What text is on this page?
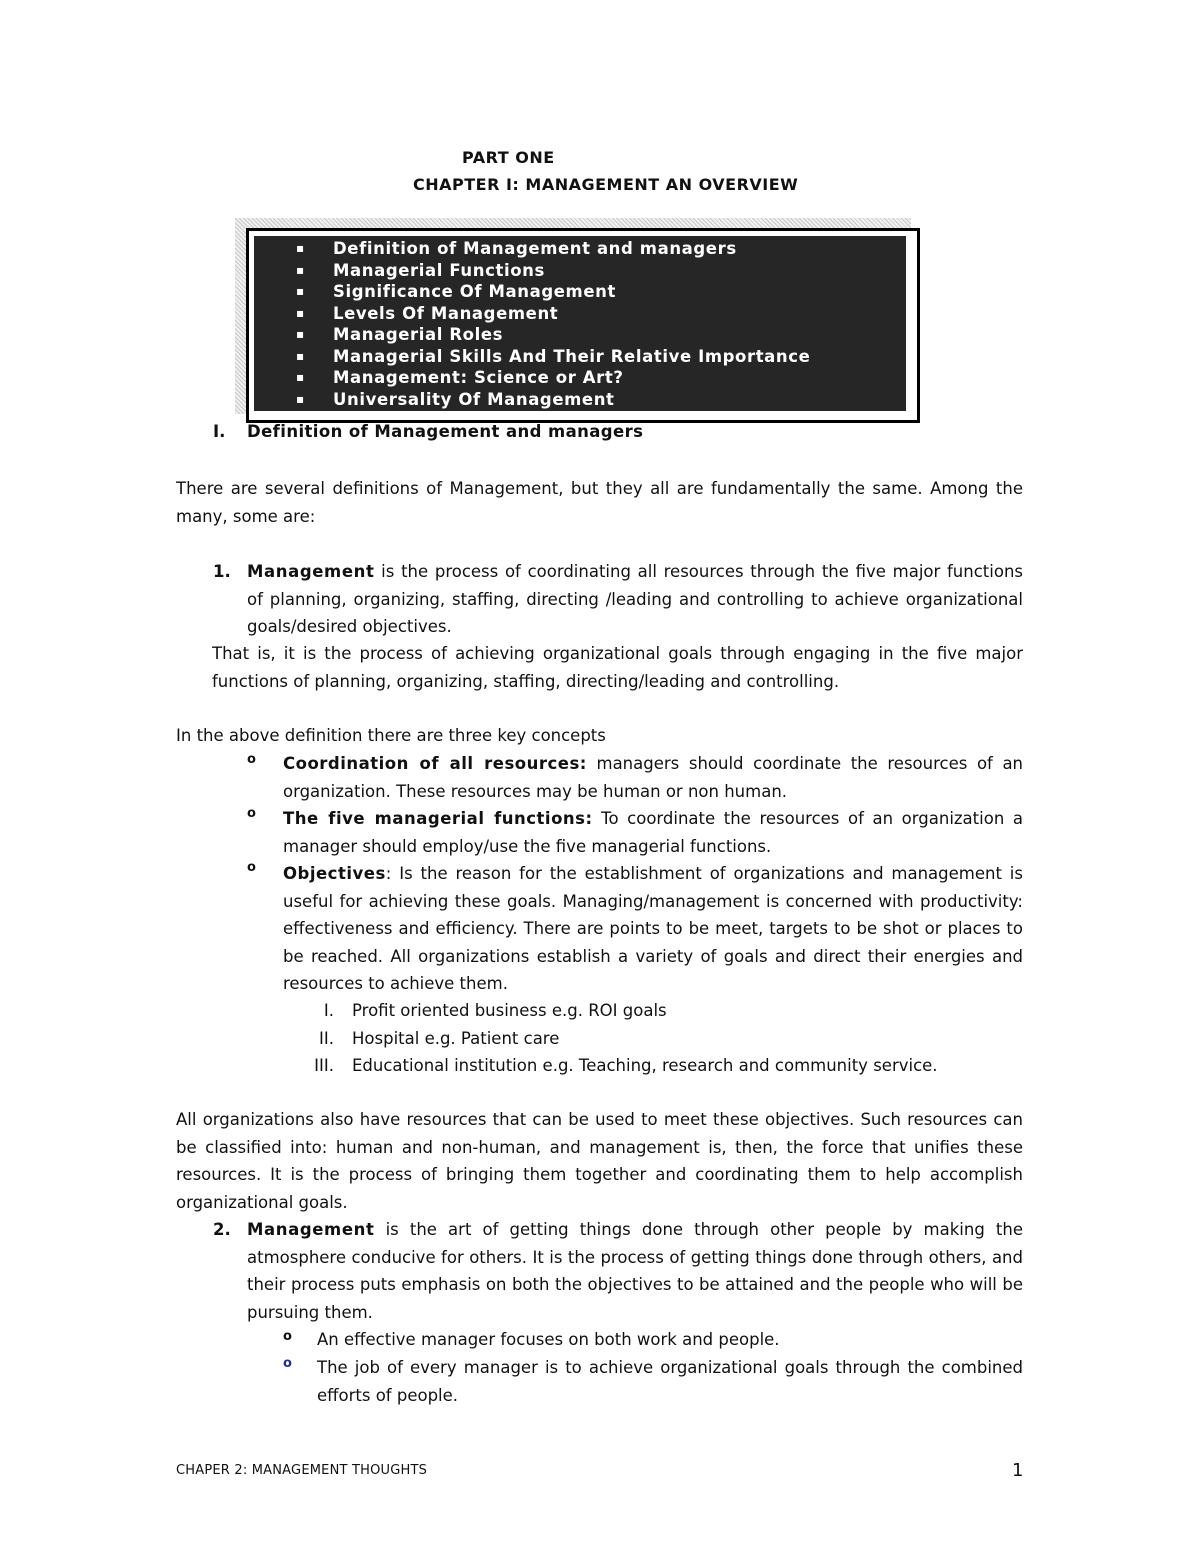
PART ONE
CHAPTER I: MANAGEMENT AN OVERVIEW
▪ Definition of Management and managers
▪ Managerial Functions
▪ Significance Of Management
▪ Levels Of Management
▪ Managerial Roles
▪ Managerial Skills And Their Relative Importance
▪ Management: Science or Art?
▪ Universality Of Management
I. Definition of Management and managers
There are several definitions of Management, but they all are fundamentally the same. Among the many, some are:
1. Management is the process of coordinating all resources through the five major functions of planning, organizing, staffing, directing /leading and controlling to achieve organizational goals/desired objectives.
That is, it is the process of achieving organizational goals through engaging in the five major functions of planning, organizing, staffing, directing/leading and controlling.
In the above definition there are three key concepts
o Coordination of all resources: managers should coordinate the resources of an organization. These resources may be human or non human.
o The five managerial functions: To coordinate the resources of an organization a manager should employ/use the five managerial functions.
o Objectives: Is the reason for the establishment of organizations and management is useful for achieving these goals. Managing/management is concerned with productivity: effectiveness and efficiency. There are points to be meet, targets to be shot or places to be reached. All organizations establish a variety of goals and direct their energies and resources to achieve them.
I. Profit oriented business e.g. ROI goals
II. Hospital e.g. Patient care
III. Educational institution e.g. Teaching, research and community service.
All organizations also have resources that can be used to meet these objectives. Such resources can be classified into: human and non-human, and management is, then, the force that unifies these resources. It is the process of bringing them together and coordinating them to help accomplish organizational goals.
2. Management is the art of getting things done through other people by making the atmosphere conducive for others. It is the process of getting things done through others, and their process puts emphasis on both the objectives to be attained and the people who will be pursuing them.
o An effective manager focuses on both work and people.
o The job of every manager is to achieve organizational goals through the combined efforts of people.
CHAPER 2: MANAGEMENT THOUGHTS	1
